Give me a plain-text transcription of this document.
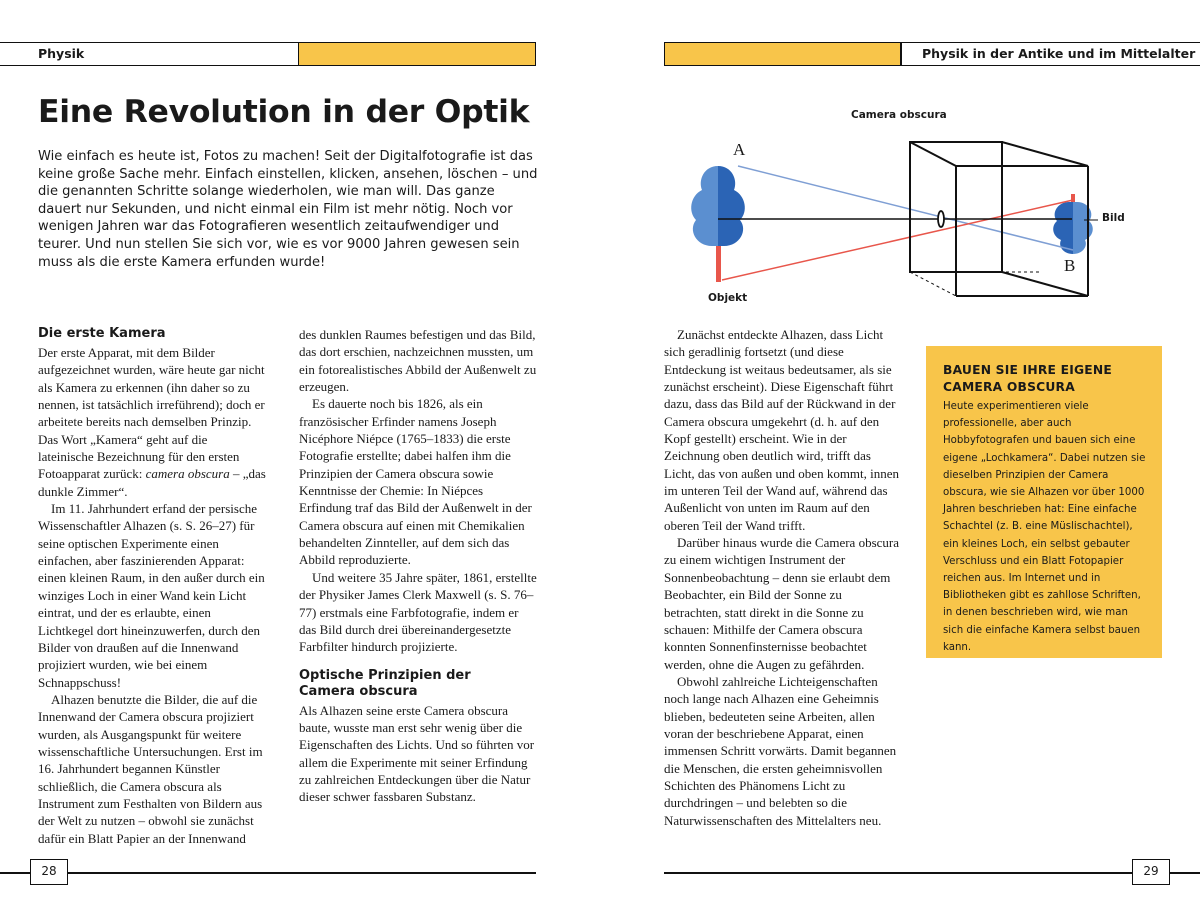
Physik	Physik in der Antike und im Mittelalter
Eine Revolution in der Optik
Wie einfach es heute ist, Fotos zu machen! Seit der Digitalfotografie ist das keine große Sache mehr. Einfach einstellen, klicken, ansehen, löschen – und die genannten Schritte solange wiederholen, wie man will. Das ganze dauert nur Sekunden, und nicht einmal ein Film ist mehr nötig. Noch vor wenigen Jahren war das Fotografieren wesentlich zeitaufwendiger und teurer. Und nun stellen Sie sich vor, wie es vor 9000 Jahren gewesen sein muss als die erste Kamera erfunden wurde!
Camera obscura
A
B
Objekt
Bild
Die erste Kamera

Der erste Apparat, mit dem Bilder aufgezeichnet wurden, wäre heute gar nicht als Kamera zu erkennen (ihn daher so zu nennen, ist tatsächlich irreführend); doch er arbeitete bereits nach demselben Prinzip. Das Wort „Kamera“ geht auf die lateinische Bezeichnung für den ersten Fotoapparat zurück: camera obscura – „das dunkle Zimmer“.

Im 11. Jahrhundert erfand der persische Wissenschaftler Alhazen (s. S. 26–27) für seine optischen Experimente einen einfachen, aber faszinierenden Apparat: einen kleinen Raum, in den außer durch ein winziges Loch in einer Wand kein Licht eintrat, und der es erlaubte, einen Lichtkegel dort hineinzuwerfen, durch den Bilder von draußen auf die Innenwand projiziert wurden, wie bei einem Schnappschuss!

Alhazen benutzte die Bilder, die auf die Innenwand der Camera obscura projiziert wurden, als Ausgangspunkt für weitere wissenschaftliche Untersuchungen. Erst im 16. Jahrhundert begannen Künstler schließlich, die Camera obscura als Instrument zum Festhalten von Bildern aus der Welt zu nutzen – obwohl sie zunächst dafür ein Blatt Papier an der Innenwand

des dunklen Raumes befestigen und das Bild, das dort erschien, nachzeichnen mussten, um ein fotorealistisches Abbild der Außenwelt zu erzeugen.

Es dauerte noch bis 1826, als ein französischer Erfinder namens Joseph Nicéphore Niépce (1765–1833) die erste Fotografie erstellte; dabei halfen ihm die Prinzipien der Camera obscura sowie Kenntnisse der Chemie: In Niépces Erfindung traf das Bild der Außenwelt in der Camera obscura auf einen mit Chemikalien behandelten Zinnteller, auf dem sich das Abbild reproduzierte.

Und weitere 35 Jahre später, 1861, erstellte der Physiker James Clerk Maxwell (s. S. 76–77) erstmals eine Farbfotografie, indem er das Bild durch drei übereinandergesetzte Farbfilter hindurch projizierte.

Optische Prinzipien der Camera obscura

Als Alhazen seine erste Camera obscura baute, wusste man erst sehr wenig über die Eigenschaften des Lichts. Und so führten vor allem die Experimente mit seiner Erfindung zu zahlreichen Entdeckungen über die Natur dieser schwer fassbaren Substanz.

Zunächst entdeckte Alhazen, dass Licht sich geradlinig fortsetzt (und diese Entdeckung ist weitaus bedeutsamer, als sie zunächst erscheint). Diese Eigenschaft führt dazu, dass das Bild auf der Rückwand in der Camera obscura umgekehrt (d. h. auf den Kopf gestellt) erscheint. Wie in der Zeichnung oben deutlich wird, trifft das Licht, das von außen und oben kommt, innen im unteren Teil der Wand auf, während das Außenlicht von unten im Raum auf den oberen Teil der Wand trifft.

Darüber hinaus wurde die Camera obscura zu einem wichtigen Instrument der Sonnenbeobachtung – denn sie erlaubt dem Beobachter, ein Bild der Sonne zu betrachten, statt direkt in die Sonne zu schauen: Mithilfe der Camera obscura konnten Sonnenfinsternisse beobachtet werden, ohne die Augen zu gefährden.

Obwohl zahlreiche Lichteigenschaften noch lange nach Alhazen eine Geheimnis blieben, bedeuteten seine Arbeiten, allen voran der beschriebene Apparat, einen immensen Schritt vorwärts. Damit begannen die Menschen, die ersten geheimnisvollen Schichten des Phänomens Licht zu durchdringen – und belebten so die Naturwissenschaften des Mittelalters neu.

BAUEN SIE IHRE EIGENE CAMERA OBSCURA
Heute experimentieren viele professionelle, aber auch Hobbyfotografen und bauen sich eine eigene „Lochkamera“. Dabei nutzen sie dieselben Prinzipien der Camera obscura, wie sie Alhazen vor über 1000 Jahren beschrieben hat: Eine einfache Schachtel (z. B. eine Müslischachtel), ein kleines Loch, ein selbst gebauter Verschluss und ein Blatt Fotopapier reichen aus. Im Internet und in Bibliotheken gibt es zahllose Schriften, in denen beschrieben wird, wie man sich die einfache Kamera selbst bauen kann.
28	29
